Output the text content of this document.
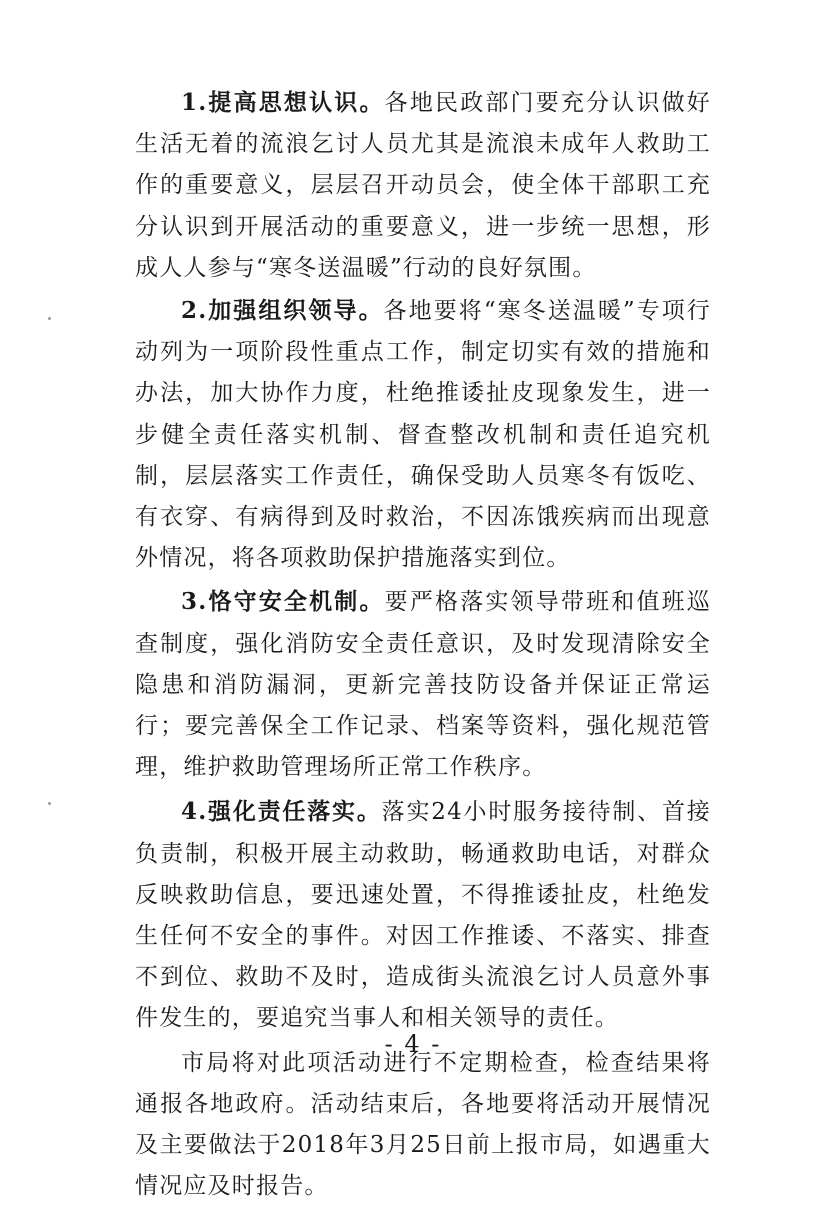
1.提高思想认识。各地民政部门要充分认识做好生活无着的流浪乞讨人员尤其是流浪未成年人救助工作的重要意义，层层召开动员会，使全体干部职工充分认识到开展活动的重要意义，进一步统一思想，形成人人参与“寒冬送温暖”行动的良好氛围。

2.加强组织领导。各地要将“寒冬送温暖”专项行动列为一项阶段性重点工作，制定切实有效的措施和办法，加大协作力度，杜绝推诿扯皮现象发生，进一步健全责任落实机制、督查整改机制和责任追究机制，层层落实工作责任，确保受助人员寒冬有饭吃、有衣穿、有病得到及时救治，不因冻饿疾病而出现意外情况，将各项救助保护措施落实到位。

3.恪守安全机制。要严格落实领导带班和值班巡查制度，强化消防安全责任意识，及时发现清除安全隐患和消防漏洞，更新完善技防设备并保证正常运行；要完善保全工作记录、档案等资料，强化规范管理，维护救助管理场所正常工作秩序。

4.强化责任落实。落实24小时服务接待制、首接负责制，积极开展主动救助，畅通救助电话，对群众反映救助信息，要迅速处置，不得推诿扯皮，杜绝发生任何不安全的事件。对因工作推诿、不落实、排查不到位、救助不及时，造成街头流浪乞讨人员意外事件发生的，要追究当事人和相关领导的责任。

市局将对此项活动进行不定期检查，检查结果将通报各地政府。活动结束后，各地要将活动开展情况及主要做法于2018年3月25日前上报市局，如遇重大情况应及时报告。

- 4 -
